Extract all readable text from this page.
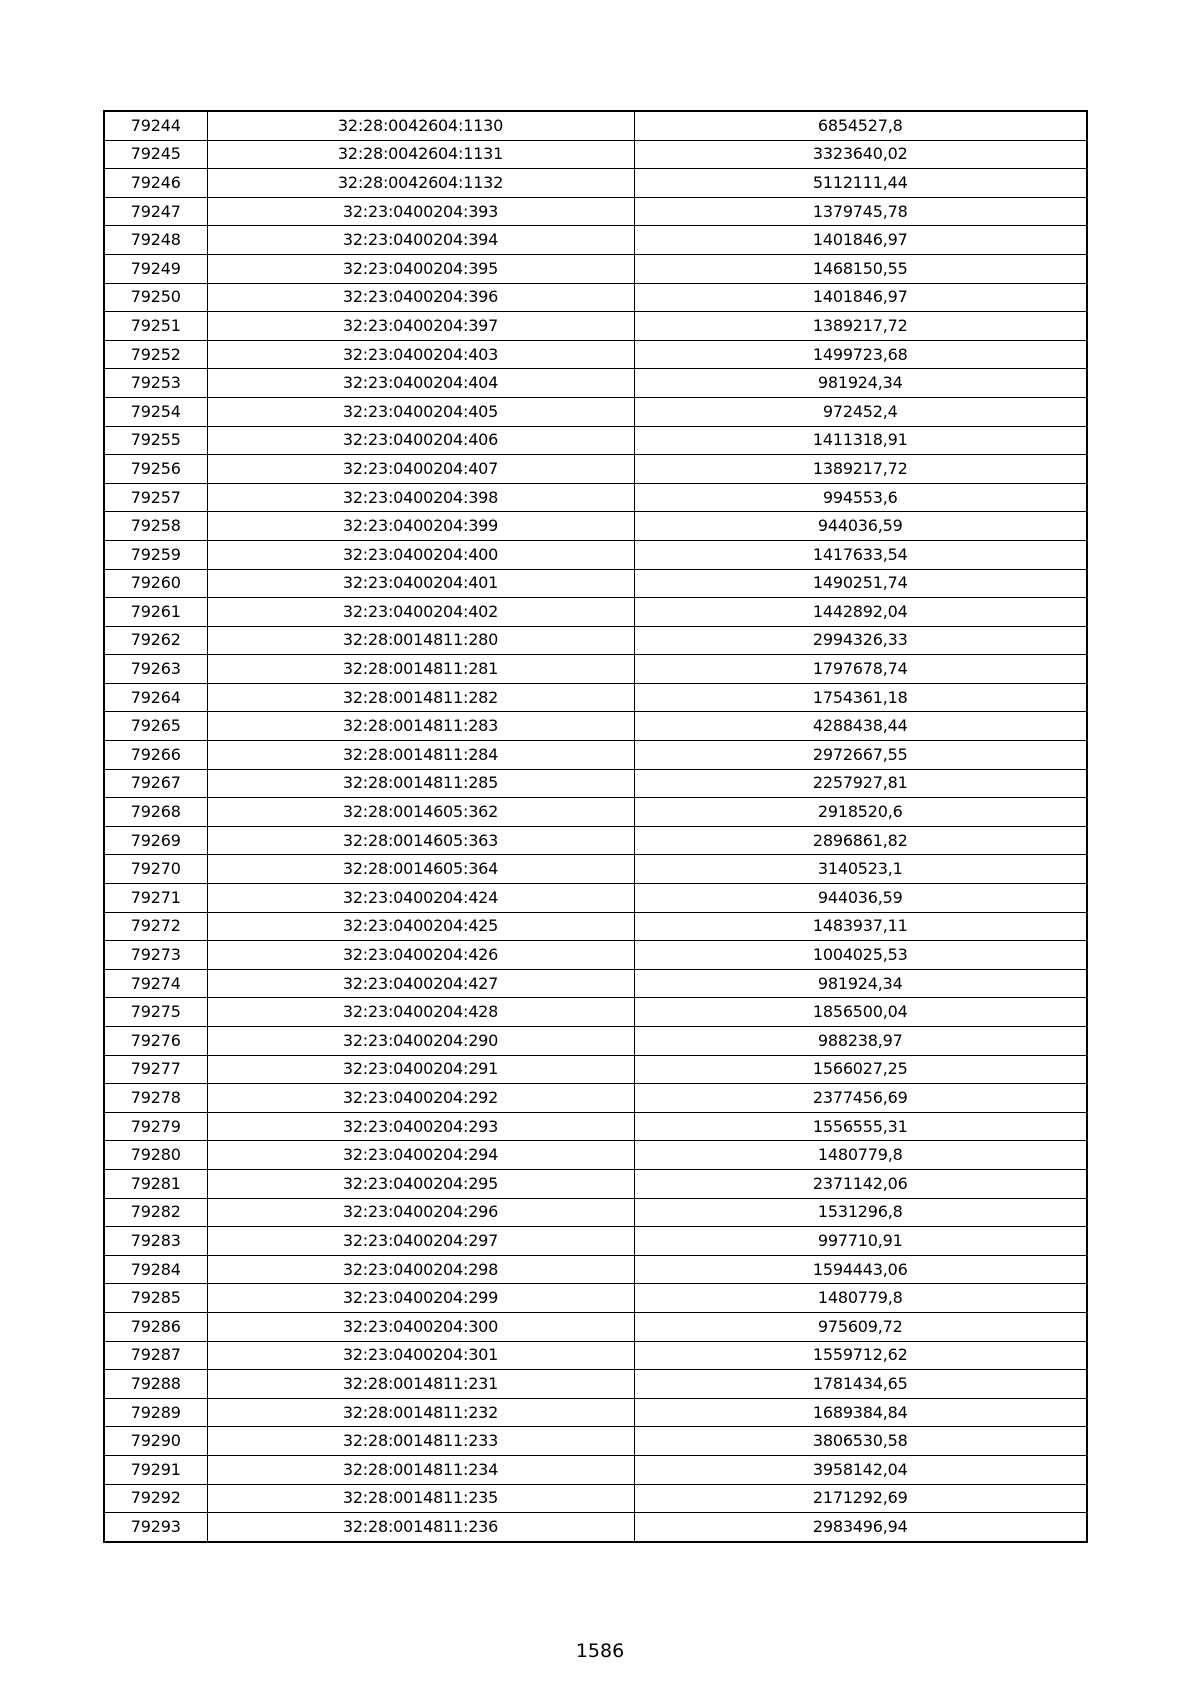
79244	32:28:0042604:1130	6854527,8
79245	32:28:0042604:1131	3323640,02
79246	32:28:0042604:1132	5112111,44
79247	32:23:0400204:393	1379745,78
79248	32:23:0400204:394	1401846,97
79249	32:23:0400204:395	1468150,55
79250	32:23:0400204:396	1401846,97
79251	32:23:0400204:397	1389217,72
79252	32:23:0400204:403	1499723,68
79253	32:23:0400204:404	981924,34
79254	32:23:0400204:405	972452,4
79255	32:23:0400204:406	1411318,91
79256	32:23:0400204:407	1389217,72
79257	32:23:0400204:398	994553,6
79258	32:23:0400204:399	944036,59
79259	32:23:0400204:400	1417633,54
79260	32:23:0400204:401	1490251,74
79261	32:23:0400204:402	1442892,04
79262	32:28:0014811:280	2994326,33
79263	32:28:0014811:281	1797678,74
79264	32:28:0014811:282	1754361,18
79265	32:28:0014811:283	4288438,44
79266	32:28:0014811:284	2972667,55
79267	32:28:0014811:285	2257927,81
79268	32:28:0014605:362	2918520,6
79269	32:28:0014605:363	2896861,82
79270	32:28:0014605:364	3140523,1
79271	32:23:0400204:424	944036,59
79272	32:23:0400204:425	1483937,11
79273	32:23:0400204:426	1004025,53
79274	32:23:0400204:427	981924,34
79275	32:23:0400204:428	1856500,04
79276	32:23:0400204:290	988238,97
79277	32:23:0400204:291	1566027,25
79278	32:23:0400204:292	2377456,69
79279	32:23:0400204:293	1556555,31
79280	32:23:0400204:294	1480779,8
79281	32:23:0400204:295	2371142,06
79282	32:23:0400204:296	1531296,8
79283	32:23:0400204:297	997710,91
79284	32:23:0400204:298	1594443,06
79285	32:23:0400204:299	1480779,8
79286	32:23:0400204:300	975609,72
79287	32:23:0400204:301	1559712,62
79288	32:28:0014811:231	1781434,65
79289	32:28:0014811:232	1689384,84
79290	32:28:0014811:233	3806530,58
79291	32:28:0014811:234	3958142,04
79292	32:28:0014811:235	2171292,69
79293	32:28:0014811:236	2983496,94
1586
